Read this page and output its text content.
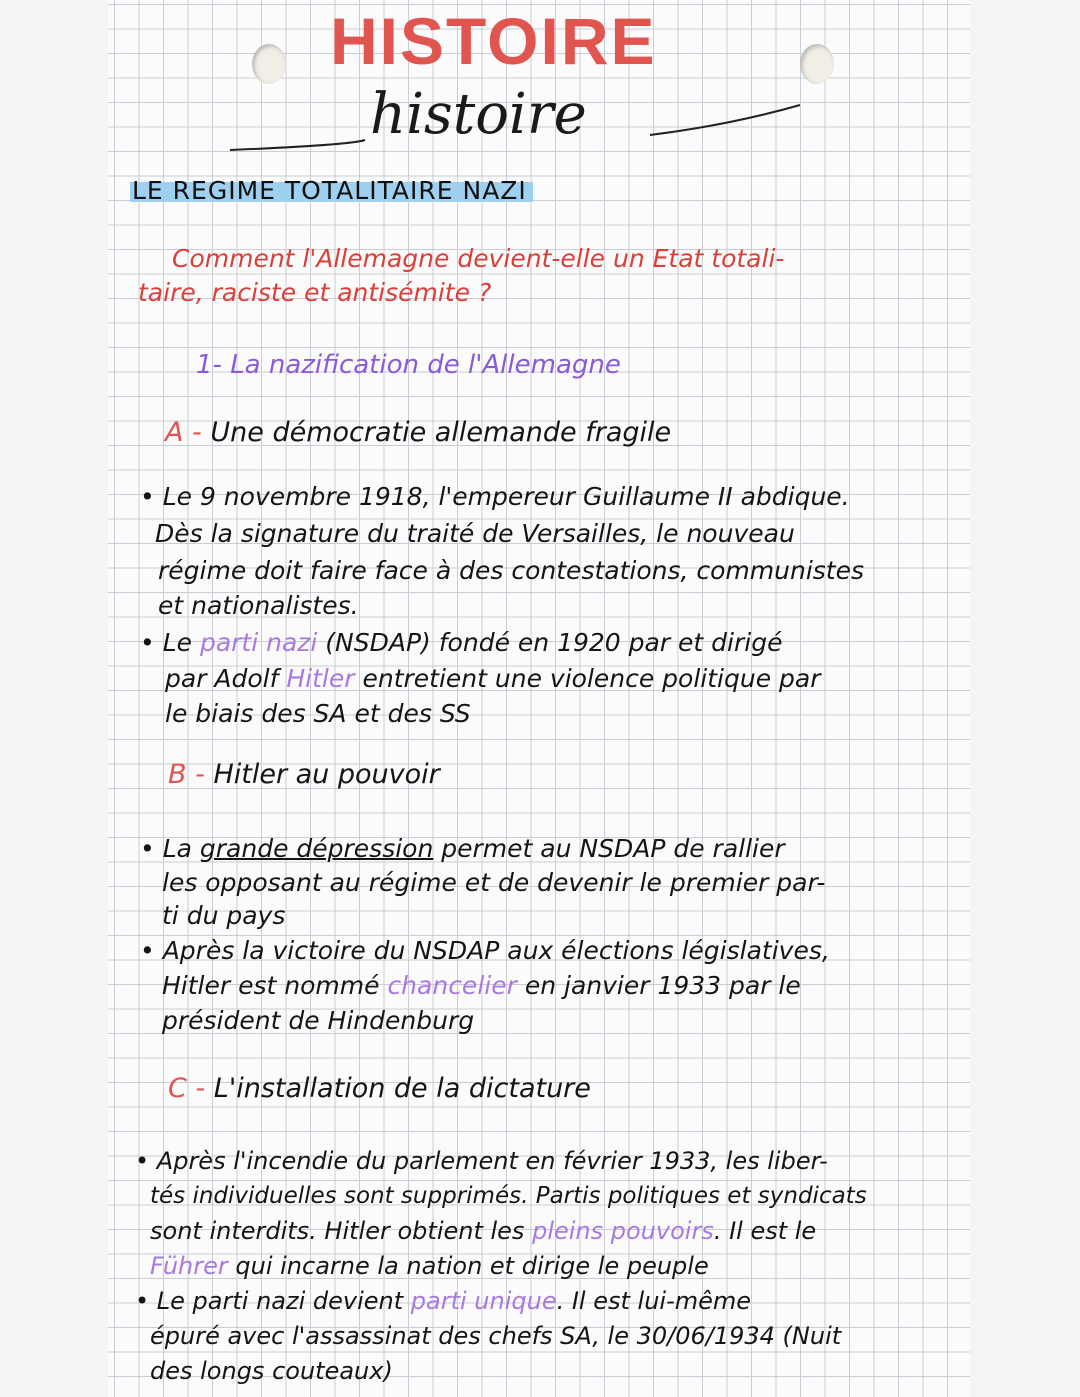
HISTOIRE
histoire
LE REGIME TOTALITAIRE NAZI
Comment l'Allemagne devient-elle un Etat totali-
taire, raciste et antisémite ?
1- La nazification de l'Allemagne
A - Une démocratie allemande fragile
• Le 9 novembre 1918, l'empereur Guillaume II abdique.
Dès la signature du traité de Versailles, le nouveau
régime doit faire face à des contestations, communistes
et nationalistes.
• Le parti nazi (NSDAP) fondé en 1920 par et dirigé
par Adolf Hitler entretient une violence politique par
le biais des SA et des SS
B - Hitler au pouvoir
• La grande dépression permet au NSDAP de rallier
les opposant au régime et de devenir le premier par-
ti du pays
• Après la victoire du NSDAP aux élections législatives,
Hitler est nommé chancelier en janvier 1933 par le
président de Hindenburg
C - L'installation de la dictature
• Après l'incendie du parlement en février 1933, les liber-
tés individuelles sont supprimés. Partis politiques et syndicats
sont interdits. Hitler obtient les pleins pouvoirs. Il est le
Führer qui incarne la nation et dirige le peuple
• Le parti nazi devient parti unique. Il est lui-même
épuré avec l'assassinat des chefs SA, le 30/06/1934 (Nuit
des longs couteaux)
